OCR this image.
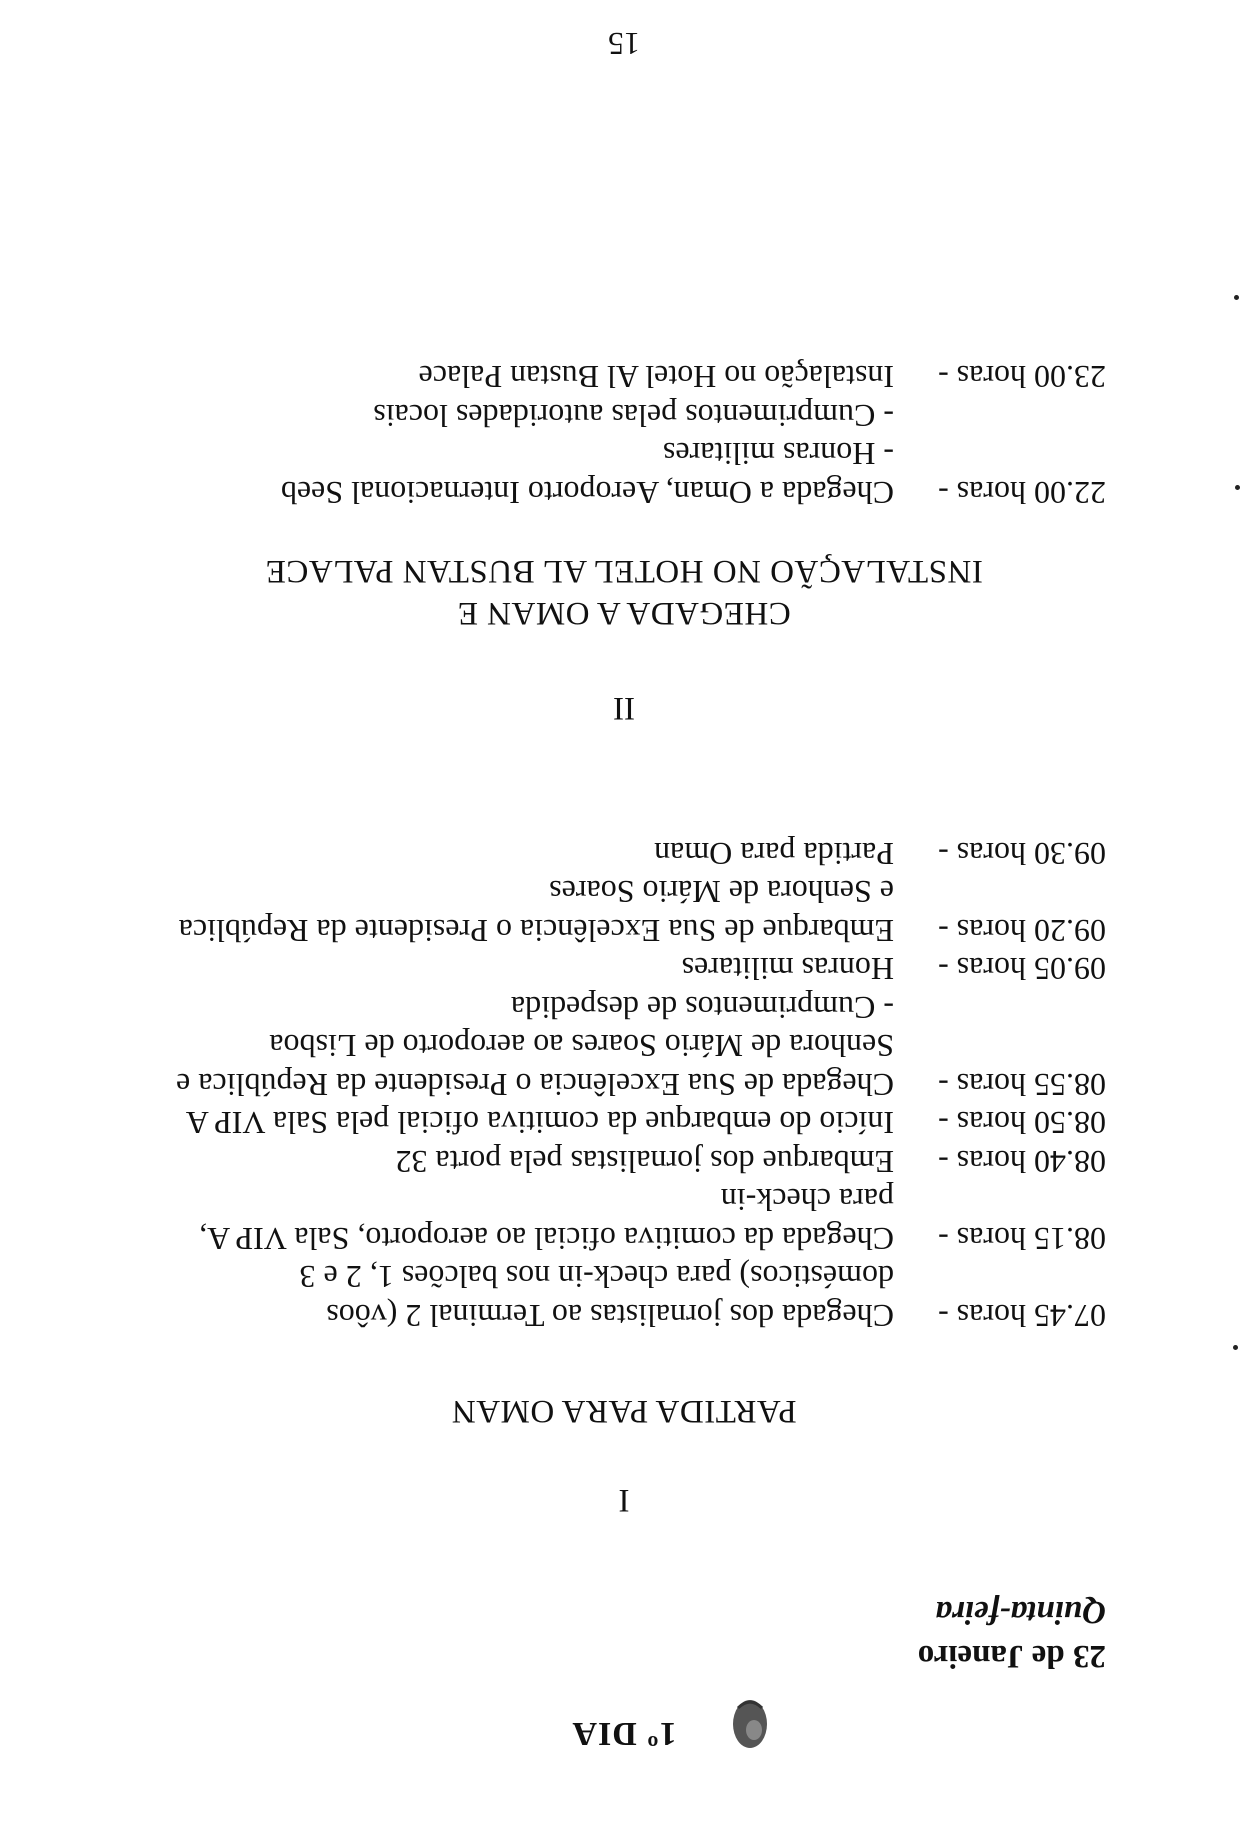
1º DIA
23 de Janeiro
Quinta-feira
I
PARTIDA PARA OMAN
07.45 horas -
Chegada dos jornalistas ao Terminal 2 (vôos
domésticos) para check-in nos balcões 1, 2 e 3
08.15 horas -
Chegada da comitiva oficial ao aeroporto, Sala VIP A,
para check-in
08.40 horas -
Embarque dos jornalistas pela porta 32
08.50 horas -
Início do embarque da comitiva oficial pela Sala VIP A
08.55 horas -
Chegada de Sua Excelência o Presidente da República e
Senhora de Mário Soares ao aeroporto de Lisboa
- Cumprimentos de despedida
09.05 horas -
Honras militares
09.20 horas -
Embarque de Sua Excelência o Presidente da República
e Senhora de Mário Soares
09.30 horas -
Partida para Oman
II
CHEGADA A OMAN E
INSTALAÇÃO NO HOTEL AL BUSTAN PALACE
22.00 horas -
Chegada a Oman, Aeroporto Internacional Seeb
- Honras militares
- Cumprimentos pelas autoridades locais
23.00 horas -
Instalação no Hotel Al Bustan Palace
15
